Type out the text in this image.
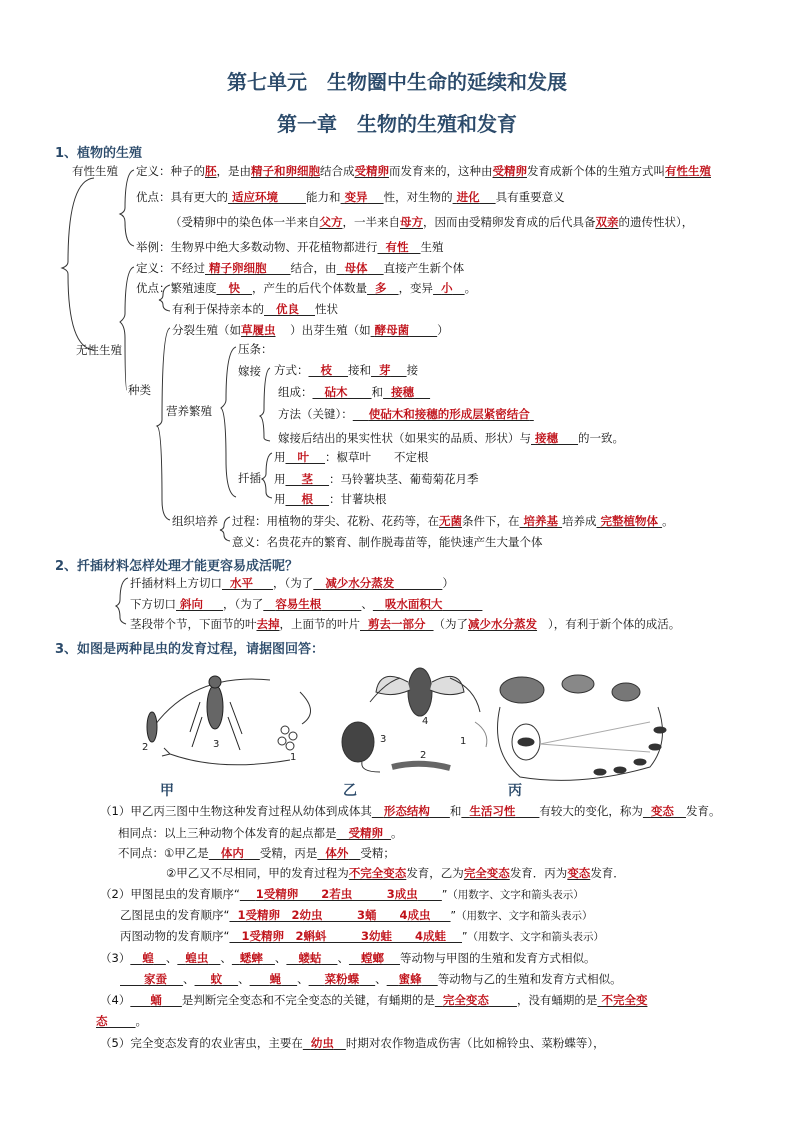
第七单元　生物圈中生命的延续和发展
第一章　生物的生殖和发育
1、植物的生殖
有性生殖 定义：种子的胚，是由精子和卵细胞结合成受精卵而发育来的，这种由受精卵发育成新个体的生殖方式叫有性生殖
优点：具有更大的 适应环境 能力和 变异 性，对生物的 进化 具有重要意义
（受精卵中的染色体一半来自父方，一半来自母方，因而由受精卵发育成的后代具备双亲的遗传性状），
举例：生物界中绝大多数动物、开花植物都进行 有性 生殖
定义：不经过 精子卵细胞 结合，由 母体 直接产生新个体
优点：繁殖速度 快 ，产生的后代个体数量 多 ，变异 小 。
有利于保持亲本的 优良 性状
无性生殖
种类
分裂生殖（如草履虫 ）出芽生殖（如 酵母菌 ）
营养繁殖
压条：
嫁接 方式： 枝 接和 芽 接
组成： 砧木 和 接穗
方法（关键）： 使砧木和接穗的形成层紧密结合
嫁接后结出的果实性状（如果实的品质、形状）与 接穗 的一致。
扦插
用 叶 ：椒草叶　　不定根
用 茎 ：马铃薯块茎、葡萄菊花月季
用 根 ：甘薯块根
组织培养 过程：用植物的芽尖、花粉、花药等，在无菌条件下，在 培养基 培养成 完整植物体 。
意义：名贵花卉的繁育、制作脱毒苗等，能快速产生大量个体
2、扦插材料怎样处理才能更容易成活呢？
扦插材料上方切口 水平 ，（为了 减少水分蒸发	）
下方切口 斜向 ，（为了 容易生根	、 吸水面积大
茎段带个节，下面节的叶去掉，上面节的叶片 剪去一部分 （为了减少水分蒸发 ），有利于新个体的成活。
3、如图是两种昆虫的发育过程，请据图回答：
3
2
1
4
3
2
1
甲	乙	丙
（1）甲乙丙三图中生物这种发育过程从幼体到成体其 形态结构 和 生活习性 有较大的变化，称为 变态 发育。
相同点：以上三种动物个体发育的起点都是 受精卵 。
不同点：①甲乙是 体内 受精，丙是 体外 受精；
②甲乙又不尽相同，甲的发育过程为不完全变态发育，乙为完全变态发育．丙为变态发育．
（2）甲图昆虫的发育顺序“ 1受精卵　　2若虫　　　3成虫 ”（用数字、文字和箭头表示）
乙图昆虫的发育顺序“ 1受精卵　2幼虫　　　3蛹　　4成虫 ”（用数字、文字和箭头表示）
丙图动物的发育顺序“ 1受精卵　2蝌蚪　　　3幼蛙　　4成蛙 ”（用数字、文字和箭头表示）
（3） 蝗 、 蝗虫 、 蟋蟀 、 蝼蛄 、 螳螂 等动物与甲图的生殖和发育方式相似。
家蚕 、 蚊 、 蝇 、 菜粉蝶 、 蜜蜂 等动物与乙的生殖和发育方式相似。
（4） 蛹 是判断完全变态和不完全变态的关键，有蛹期的是 完全变态 ，没有蛹期的是 不完全变
态 。
（5）完全变态发育的农业害虫，主要在 幼虫 时期对农作物造成伤害（比如棉铃虫、菜粉蝶等），
